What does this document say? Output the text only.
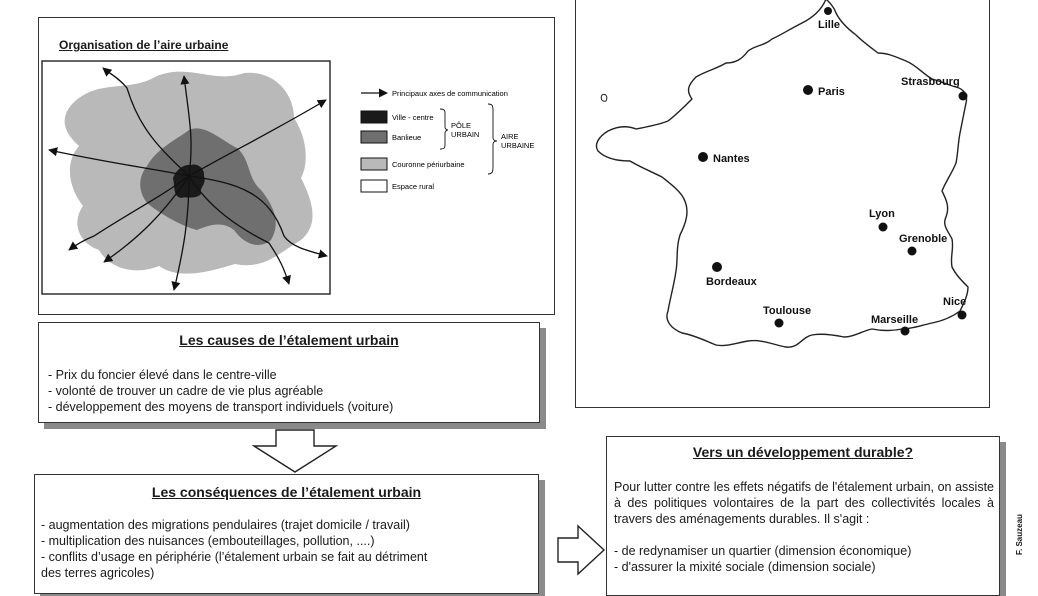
Organisation de l’aire urbaine
Principaux axes de communication
Ville - centre
Banlieue
Couronne périurbaine
Espace rural
PÔLE
URBAIN	AIRE
URBAINE
Lille
Paris
Strasbourg
Nantes
Lyon
Grenoble
Bordeaux
Toulouse
Marseille
Nice
Les causes de l’étalement urbain
- Prix du foncier élevé dans le centre-ville
- volonté de trouver un cadre de vie plus agréable
- développement des moyens de transport individuels (voiture)
Les conséquences de l’étalement urbain
- augmentation des migrations pendulaires (trajet domicile / travail)
- multiplication des nuisances (embouteillages, pollution, ....)
- conflits d’usage en périphérie (l’étalement urbain se fait au détriment
des terres agricoles)
Vers un développement durable?
Pour lutter contre les effets négatifs de l'étalement urbain, on assiste à des politiques volontaires de la part des collectivités locales à travers des aménagements durables. Il s'agit :
- de redynamiser un quartier (dimension économique)
- d'assurer la mixité sociale (dimension sociale)
F. Sauzeau
